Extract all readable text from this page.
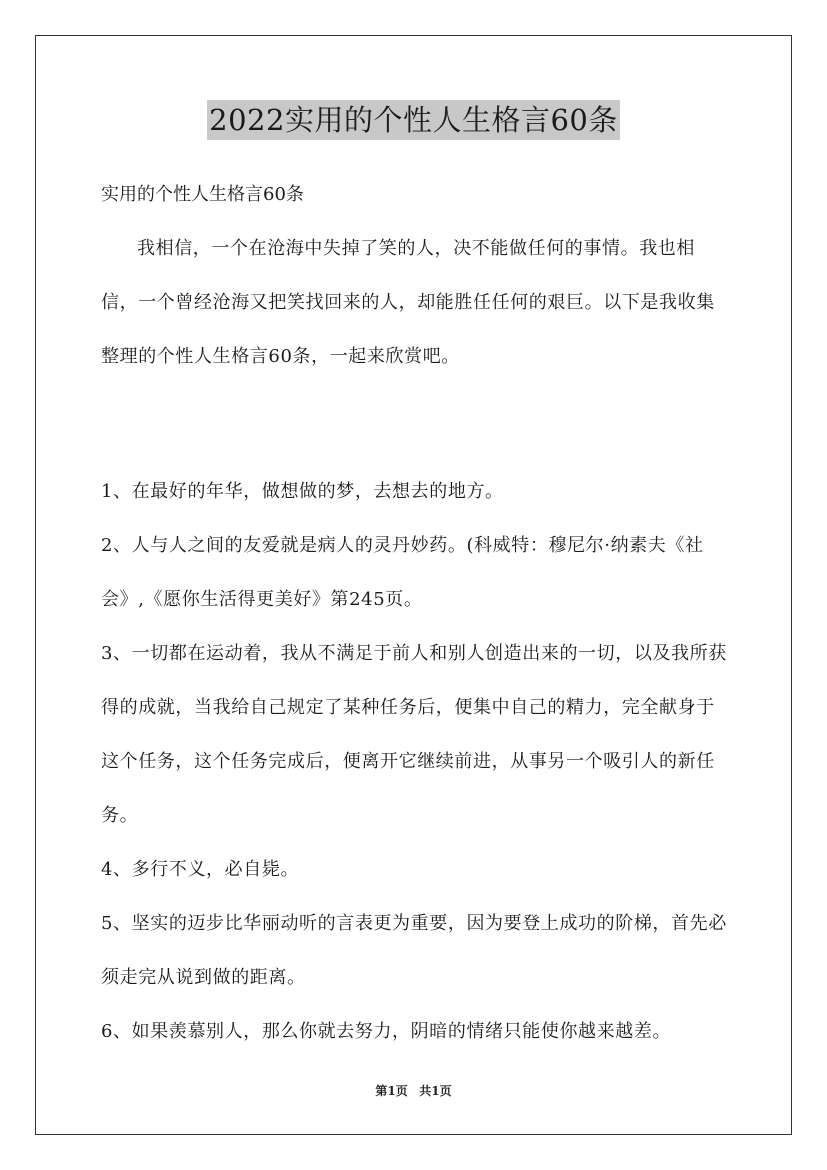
2022实用的个性人生格言60条

实用的个性人生格言60条

我相信，一个在沧海中失掉了笑的人，决不能做任何的事情。我也相信，一个曾经沧海又把笑找回来的人，却能胜任任何的艰巨。以下是我收集整理的个性人生格言60条，一起来欣赏吧。

1、在最好的年华，做想做的梦，去想去的地方。

2、人与人之间的友爱就是病人的灵丹妙药。(科威特：穆尼尔·纳素夫《社会》,《愿你生活得更美好》第245页。

3、一切都在运动着，我从不满足于前人和别人创造出来的一切，以及我所获得的成就，当我给自己规定了某种任务后，便集中自己的精力，完全献身于这个任务，这个任务完成后，便离开它继续前进，从事另一个吸引人的新任务。

4、多行不义，必自毙。

5、坚实的迈步比华丽动听的言表更为重要，因为要登上成功的阶梯，首先必须走完从说到做的距离。

6、如果羡慕别人，那么你就去努力，阴暗的情绪只能使你越来越差。

第1页 共1页
